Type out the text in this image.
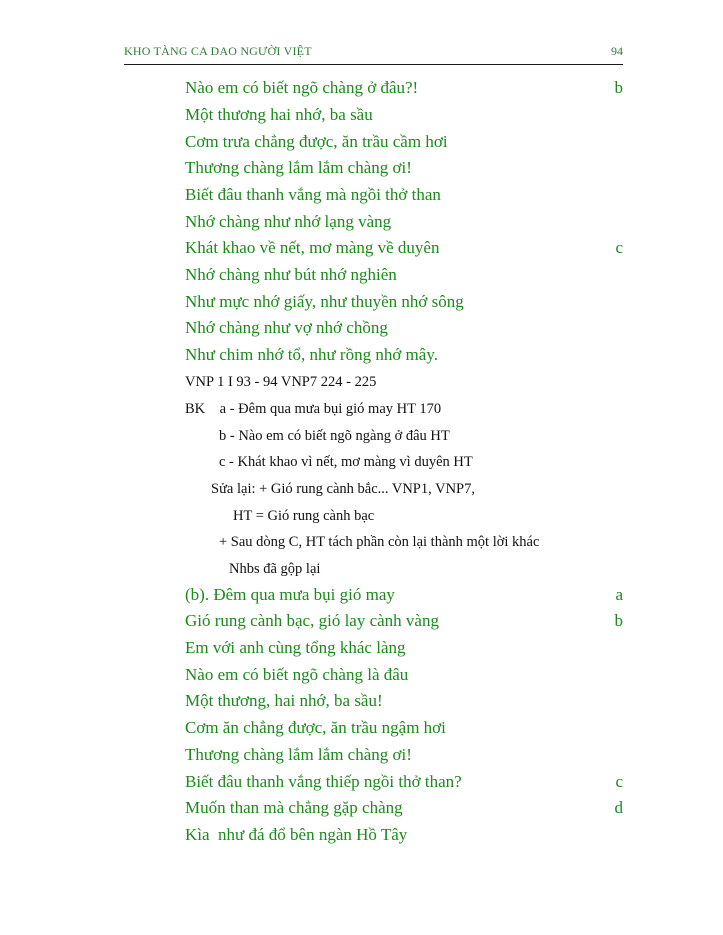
KHO TÀNG CA DAO NGƯỜI VIỆT	94
Nào em có biết ngõ chàng ở đâu?!	b
Một thương hai nhớ, ba sầu
Cơm trưa chẳng được, ăn trầu cầm hơi
Thương chàng lắm lắm chàng ơi!
Biết đâu thanh vắng mà ngồi thở than
Nhớ chàng như nhớ lạng vàng
Khát khao về nết, mơ màng về duyên	c
Nhớ chàng như bút nhớ nghiên
Như mực nhớ giấy, như thuyền nhớ sông
Nhớ chàng như vợ nhớ chồng
Như chim nhớ tổ, như rồng nhớ mây.
VNP 1 I 93 - 94 VNP7 224 - 225
BK    a - Đêm qua mưa bụi gió may HT 170
b - Nào em có biết ngõ ngàng ở đâu HT
c - Khát khao vì nết, mơ màng vì duyên HT
Sửa lại: + Gió rung cành bắc... VNP1, VNP7,
HT = Gió rung cành bạc
+ Sau dòng C, HT tách phần còn lại thành một lời khác
Nhbs đã gộp lại
(b). Đêm qua mưa bụi gió may	a
Gió rung cành bạc, gió lay cành vàng	b
Em với anh cùng tổng khác làng
Nào em có biết ngõ chàng là đâu
Một thương, hai nhớ, ba sầu!
Cơm ăn chẳng được, ăn trầu ngậm hơi
Thương chàng lắm lắm chàng ơi!
Biết đâu thanh vắng thiếp ngồi thở than?	c
Muốn than mà chẳng gặp chàng	d
Kìa  như đá đổ bên ngàn Hồ Tây
